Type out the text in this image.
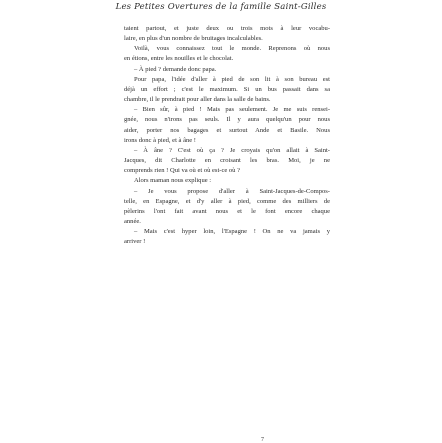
Les Petites Overtures de la famille Saint-Gilles
taient partout, et juste deux ou trois mots à leur vocabu-
laire, en plus d'un nombre de bruitages incalculables.
Voilà, vous connaissez tout le monde. Reprenons où nous
en étions, entre les nouilles et le chocolat.
– À pied ? demande donc papa.
Pour papa, l'idée d'aller à pied de son lit à son bureau est
déjà un effort ; c'est le maximum. Si un bus passait dans sa
chambre, il le prendrait pour aller dans la salle de bains.
– Bien sûr, à pied ! Mais pas seulement. Je me suis rensei-
gnée, nous n'irons pas seuls. Il y aura quelqu'un pour nous
aider, porter nos bagages et surtout Ande et Basile. Nous
irons donc à pied, et à âne !
– À âne ? C'est où ça ? Je croyais qu'on allait à Saint-
Jacques, dit Charlotte en croisant les bras. Moi, je ne
comprends rien ! Qui va où et où est-ce où ?
Alors maman nous explique :
– Je vous propose d'aller à Saint-Jacques-de-Compos-
telle, en Espagne, et d'y aller à pied, comme des milliers de
pèlerins l'ont fait avant nous et le font encore chaque
année.
– Mais c'est hyper loin, l'Espagne ! On ne va jamais y
arriver !
7
